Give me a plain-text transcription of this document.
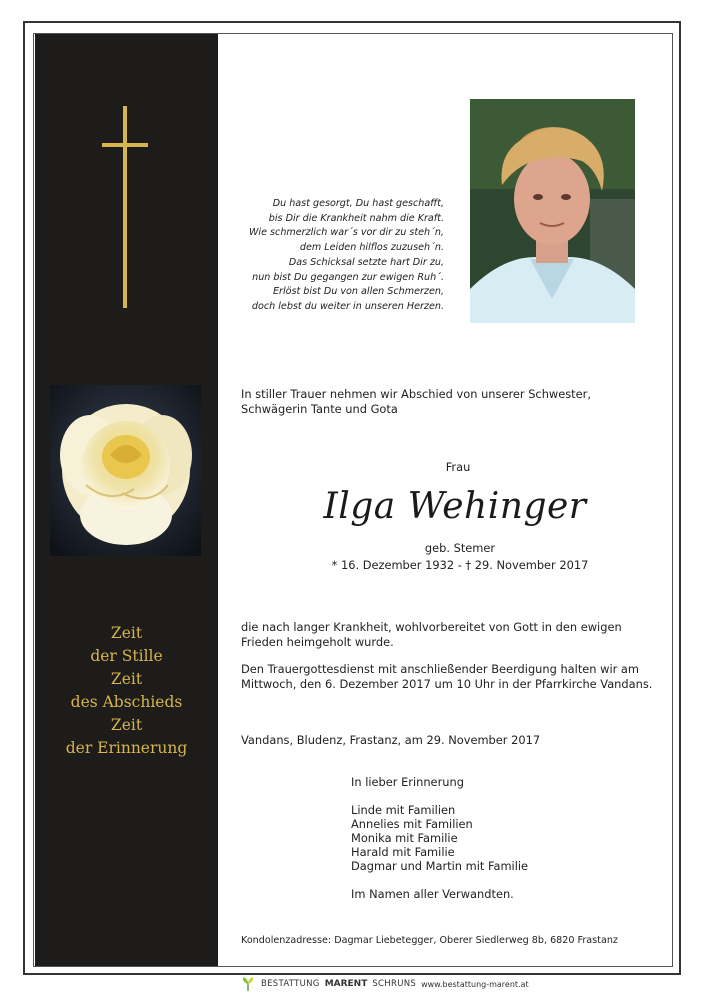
Zeit
der Stille
Zeit
des Abschieds
Zeit
der Erinnerung
Du hast gesorgt, Du hast geschafft,
bis Dir die Krankheit nahm die Kraft.
Wie schmerzlich war´s vor dir zu steh´n,
dem Leiden hilflos zuzuseh´n.
Das Schicksal setzte hart Dir zu,
nun bist Du gegangen zur ewigen Ruh´.
Erlöst bist Du von allen Schmerzen,
doch lebst du weiter in unseren Herzen.
In stiller Trauer nehmen wir Abschied von unserer Schwester, Schwägerin Tante und Gota
Frau
Ilga Wehinger
geb. Stemer
* 16. Dezember 1932 - † 29. November 2017
die nach langer Krankheit, wohlvorbereitet von Gott in den ewigen Frieden heimgeholt wurde.
Den Trauergottesdienst mit anschließender Beerdigung halten wir am Mittwoch, den 6. Dezember 2017 um 10 Uhr in der Pfarrkirche Vandans.
Vandans, Bludenz, Frastanz, am 29. November 2017
In lieber Erinnerung
Linde mit Familien
Annelies mit Familien
Monika mit Familie
Harald mit Familie
Dagmar und Martin mit Familie
Im Namen aller Verwandten.
Kondolenzadresse: Dagmar Liebetegger, Oberer Siedlerweg 8b, 6820 Frastanz
BESTATTUNG MARENT SCHRUNS www.bestattung-marent.at
